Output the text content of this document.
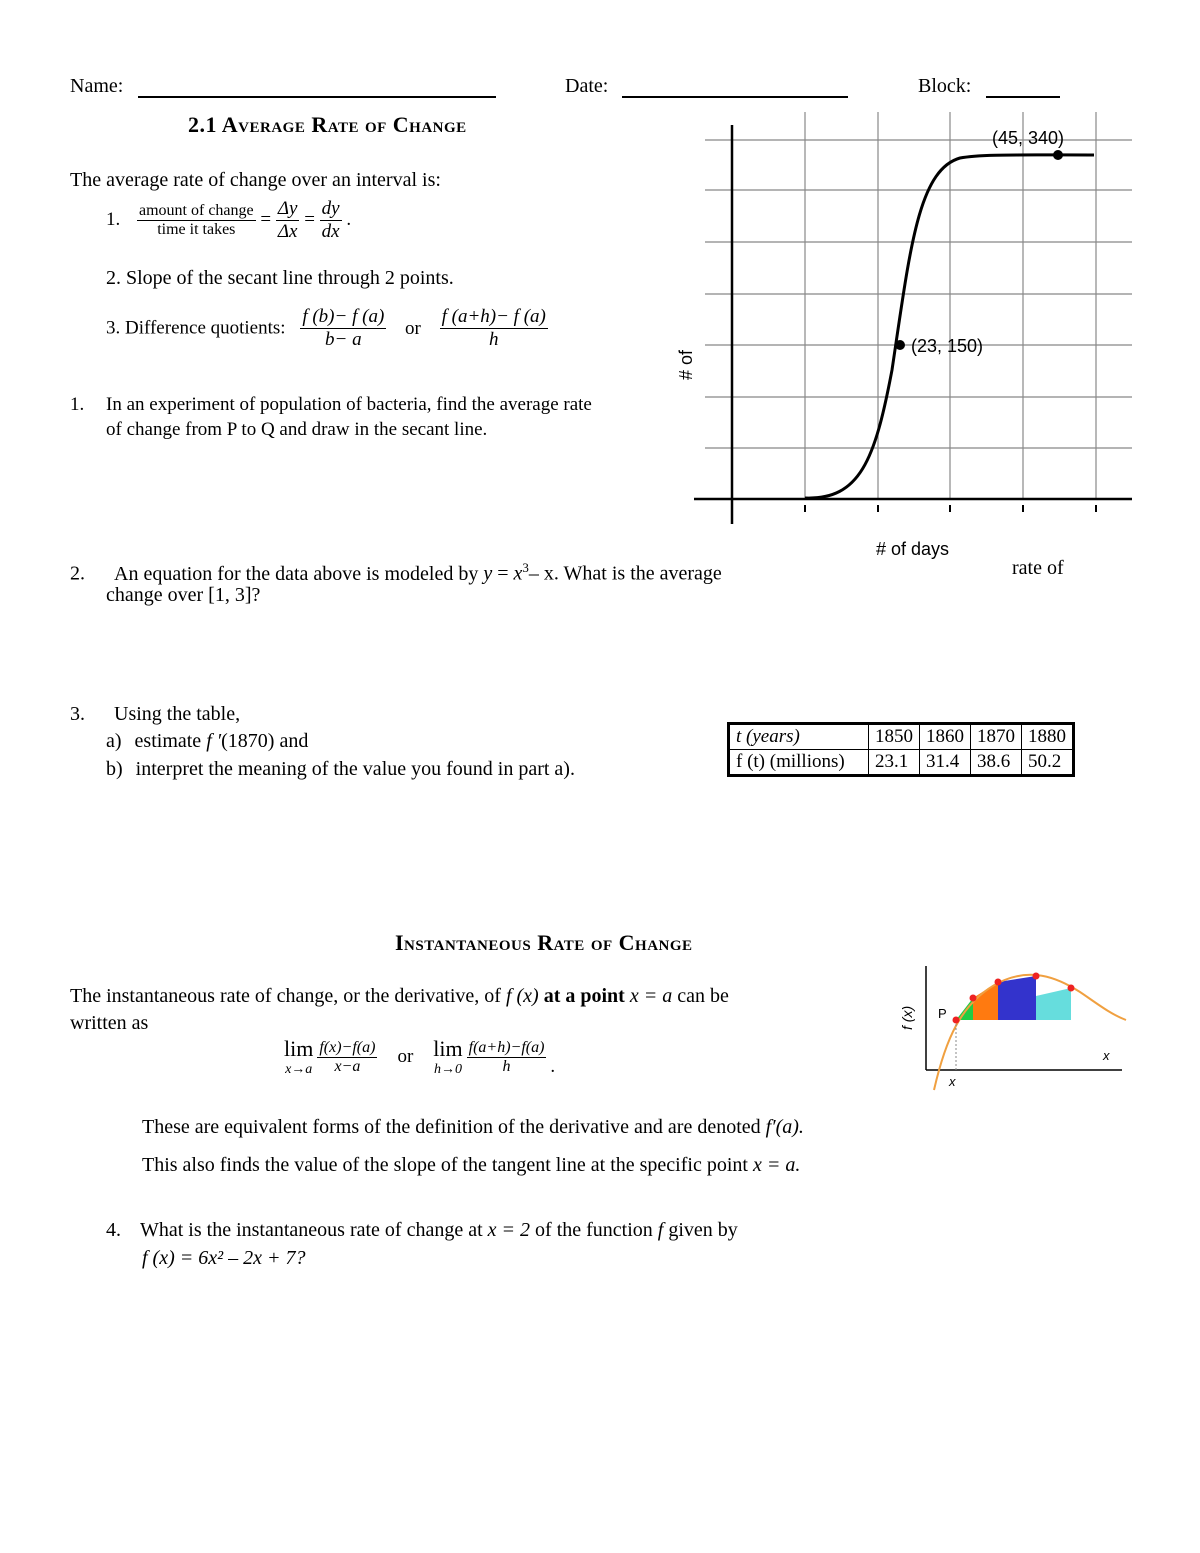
Name:	Date:	Block:
2.1 Average Rate of Change
The average rate of change over an interval is:
1. $\frac{\text{amount of change}}{\text{time it takes}} = \frac{\Delta y}{\Delta x} = \frac{dy}{dx}$ .
2. Slope of the secant line through 2 points.
3. Difference quotients: $\frac{f (b)- f (a)}{b- a}$ or $\frac{f (a+h)- f (a)}{h}$
1. In an experiment of population of bacteria, find the average rate
of change from P to Q and draw in the secant line.
(45, 340)
(23, 150)
# of days
# of
2. An equation for the data above is modeled by $y = x^3-$ x. What is the average	rate of
change over [1, 3]?
3. Using the table,
a) estimate f ′(1870) and
b) interpret the meaning of the value you found in part a).
t (years)	1850	1860	1870	1880
f (t) (millions)	23.1	31.4	38.6	50.2
Instantaneous Rate of Change
The instantaneous rate of change, or the derivative, of f (x) at a point x = a can be
written as
lim
x→a
$\frac{f(x)-f(a)}{x-a}$ or lim
h→0
$\frac{f(a+h)-f(a)}{h}$ .
These are equivalent forms of the definition of the derivative and are denoted f′(a).
This also finds the value of the slope of the tangent line at the specific point x = a.
P
f (x)
x
x
4. What is the instantaneous rate of change at x = 2 of the function f given by
f (x) = 6x² – 2x + 7?
